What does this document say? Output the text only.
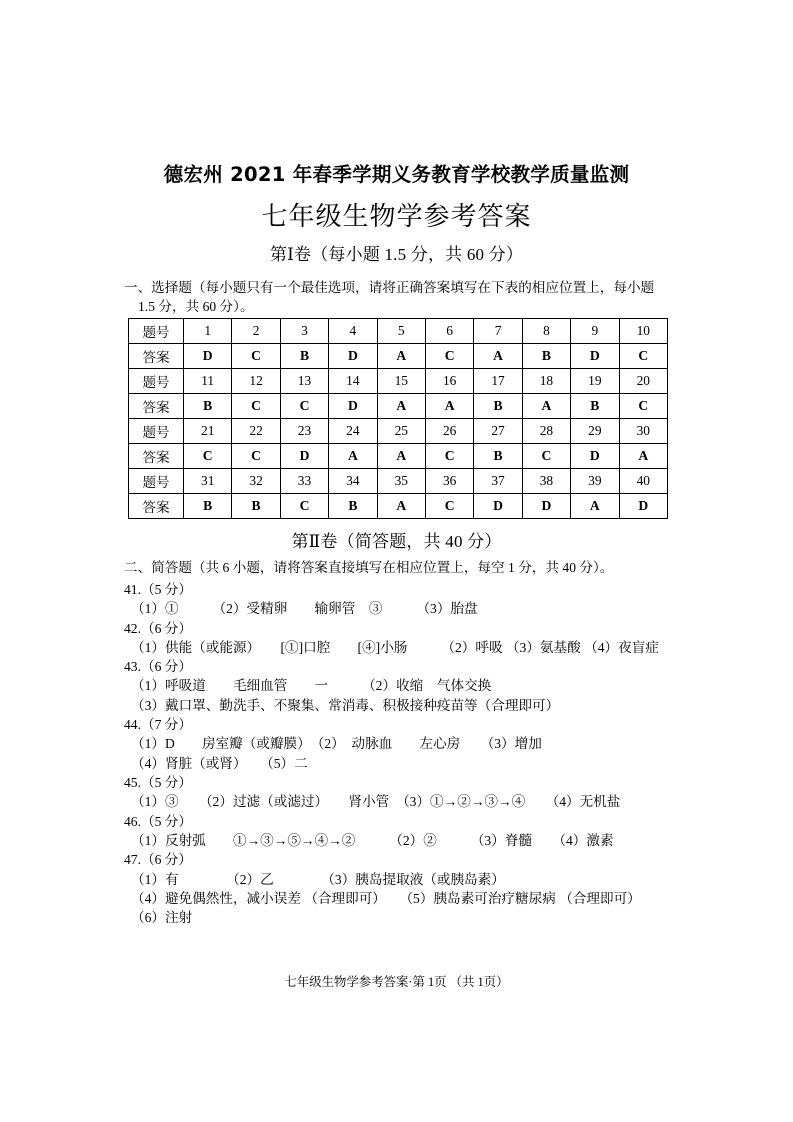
德宏州 2021 年春季学期义务教育学校教学质量监测
七年级生物学参考答案
第Ⅰ卷（每小题 1.5 分，共 60 分）
一、选择题（每小题只有一个最佳选项，请将正确答案填写在下表的相应位置上，每小题
1.5 分，共 60 分）。
题号	1	2	3	4	5	6	7	8	9	10
答案	D	C	B	D	A	C	A	B	D	C
题号	11	12	13	14	15	16	17	18	19	20
答案	B	C	C	D	A	A	B	A	B	C
题号	21	22	23	24	25	26	27	28	29	30
答案	C	C	D	A	A	C	B	C	D	A
题号	31	32	33	34	35	36	37	38	39	40
答案	B	B	C	B	A	C	D	D	A	D
第Ⅱ卷（简答题，共 40 分）
二、简答题（共 6 小题，请将答案直接填写在相应位置上，每空 1 分，共 40 分）。
41.（5 分）
（1）①　　　（2）受精卵　　输卵管　③　　　（3）胎盘
42.（6 分）
（1）供能（或能源）　　[①]口腔　　[④]小肠　　　（2）呼吸 （3）氨基酸 （4）夜盲症
43.（6 分）
（1）呼吸道　　毛细血管　　一　　　（2）收缩　气体交换
（3）戴口罩、勤洗手、不聚集、常消毒、积极接种疫苗等（合理即可）
44.（7 分）
（1）D　　房室瓣（或瓣膜）　（2）　动脉血　　左心房　　（3）增加
（4）肾脏（或肾）　　（5）二
45.（5 分）
（1）③　　（2）过滤（或滤过）　　肾小管　（3）①→②→③→④　　（4）无机盐
46.（5 分）
（1）反射弧　　①→③→⑤→④→②　　　（2）②　　　（3）脊髓　　（4）激素
47.（6 分）
（1）有　　　　（2）乙　　　　（3）胰岛提取液（或胰岛素）
（4）避免偶然性，减小误差 （合理即可）　　（5）胰岛素可治疗糖尿病 （合理即可）
（6）注射
七年级生物学参考答案·第 1页 （共 1页）
